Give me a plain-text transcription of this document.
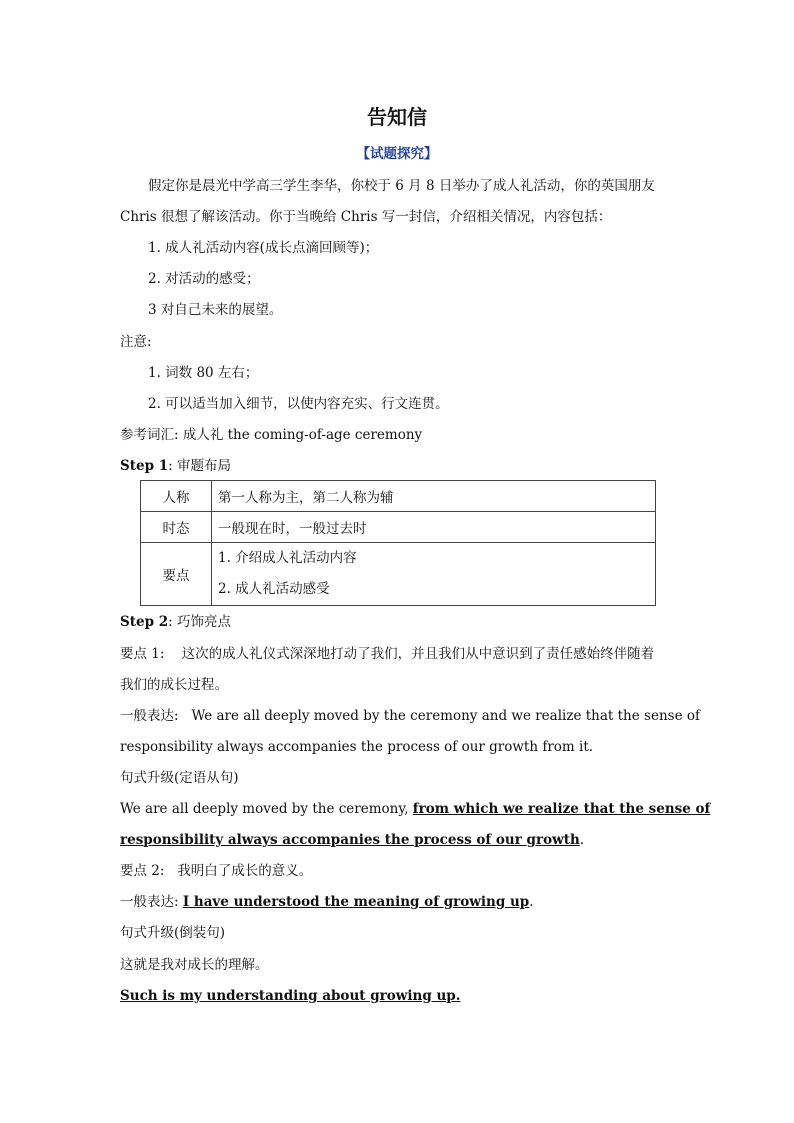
告知信
【试题探究】
假定你是晨光中学高三学生李华，你校于 6 月 8 日举办了成人礼活动，你的英国朋友
Chris 很想了解该活动。你于当晚给 Chris 写一封信，介绍相关情况，内容包括：
1. 成人礼活动内容(成长点滴回顾等)；
2. 对活动的感受；
3 对自己未来的展望。
注意:
1. 词数 80 左右；
2. 可以适当加入细节，以使内容充实、行文连贯。
参考词汇: 成人礼 the coming-of-age ceremony
Step 1: 审题布局
人称	第一人称为主，第二人称为辅
时态	一般现在时，一般过去时
要点	1. 介绍成人礼活动内容
2. 成人礼活动感受
Step 2: 巧饰亮点
要点 1: 这次的成人礼仪式深深地打动了我们，并且我们从中意识到了责任感始终伴随着
我们的成长过程。
一般表达: We are all deeply moved by the ceremony and we realize that the sense of
responsibility always accompanies the process of our growth from it.
句式升级(定语从句)
We are all deeply moved by the ceremony, from which we realize that the sense of
responsibility always accompanies the process of our growth.
要点 2: 我明白了成长的意义。
一般表达: I have understood the meaning of growing up.
句式升级(倒装句)
这就是我对成长的理解。
Such is my understanding about growing up.
